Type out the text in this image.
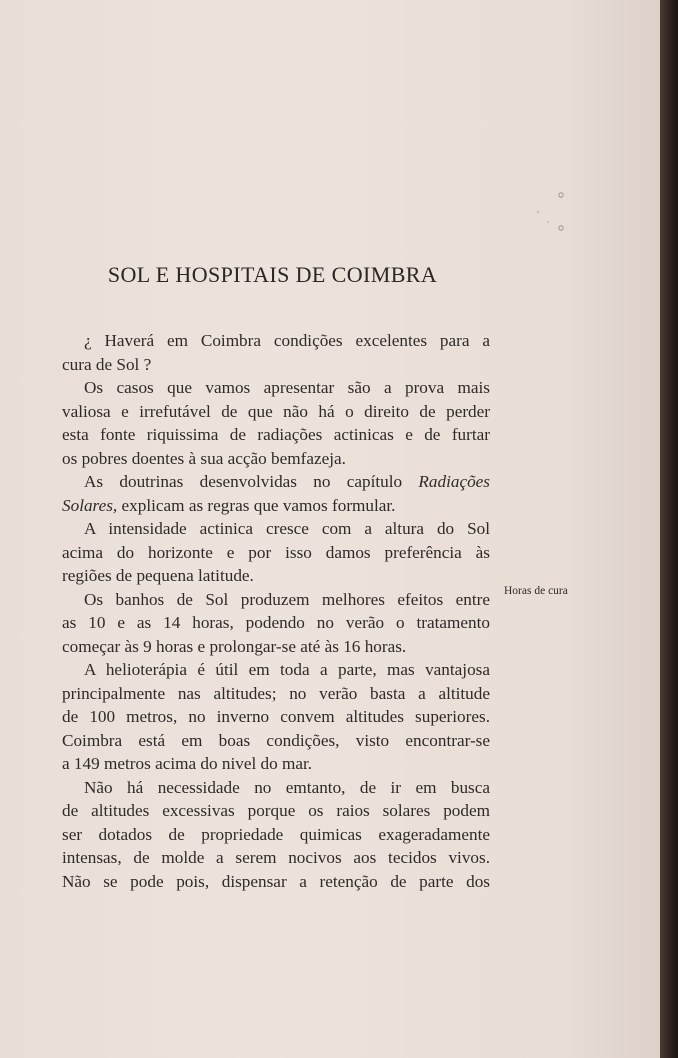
SOL E HOSPITAIS DE COIMBRA
¿ Haverá em Coimbra condições excelentes para a
cura de Sol ?
Os casos que vamos apresentar são a prova mais
valiosa e irrefutável de que não há o direito de perder
esta fonte riquissima de radiações actinicas e de furtar
os pobres doentes à sua acção bemfazeja.
As doutrinas desenvolvidas no capítulo Radiações
Solares, explicam as regras que vamos formular.
A intensidade actinica cresce com a altura do Sol
acima do horizonte e por isso damos preferência às
regiões de pequena latitude.
Os banhos de Sol produzem melhores efeitos entre
as 10 e as 14 horas, podendo no verão o tratamento
começar às 9 horas e prolongar-se até às 16 horas.
A helioterápia é útil em toda a parte, mas vantajosa
principalmente nas altitudes; no verão basta a altitude
de 100 metros, no inverno convem altitudes superiores.
Coimbra está em boas condições, visto encontrar-se
a 149 metros acima do nivel do mar.
Não há necessidade no emtanto, de ir em busca
de altitudes excessivas porque os raios solares podem
ser dotados de propriedade quimicas exageradamente
intensas, de molde a serem nocivos aos tecidos vivos.
Não se pode pois, dispensar a retenção de parte dos
Horas de cura
